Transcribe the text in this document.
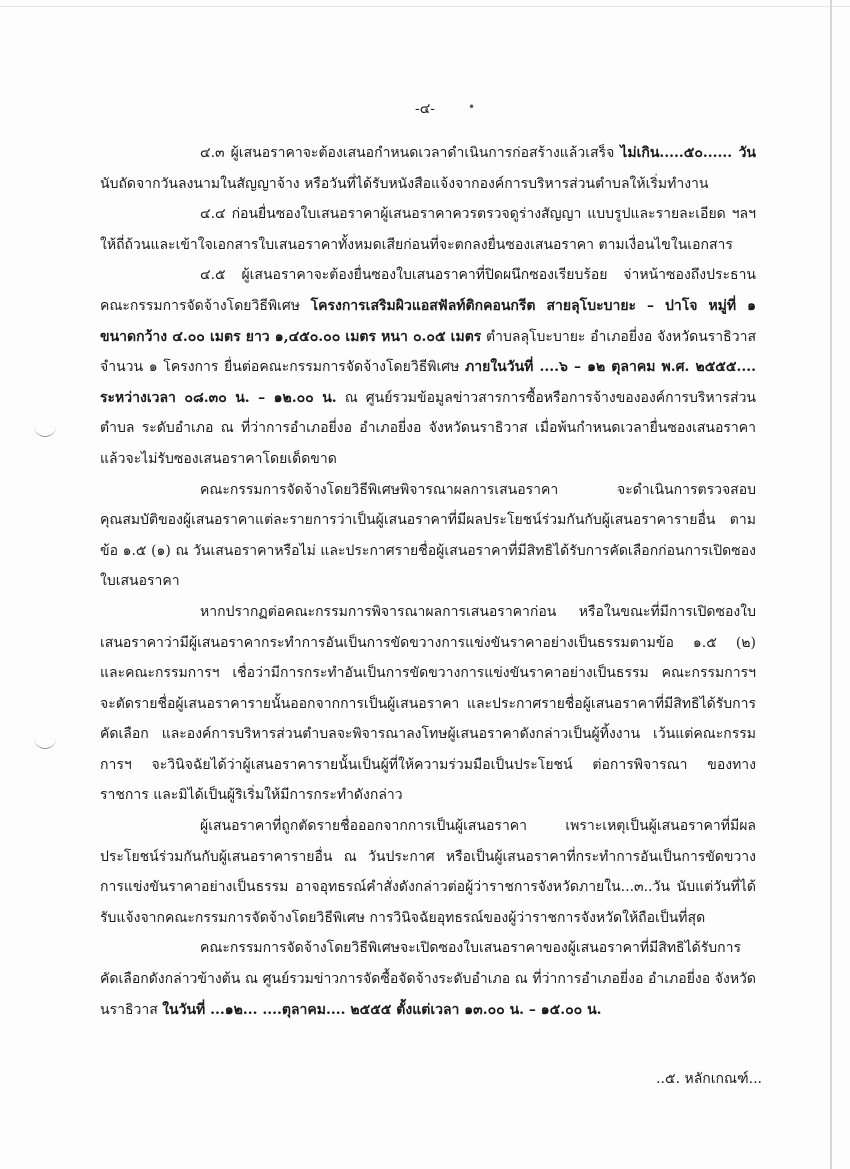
-๔-	•

๔.๓ ผู้เสนอราคาจะต้องเสนอกำหนดเวลาดำเนินการก่อสร้างแล้วเสร็จ ไม่เกิน.....๕๐...... วัน นับถัดจากวันลงนามในสัญญาจ้าง หรือวันที่ได้รับหนังสือแจ้งจากองค์การบริหารส่วนตำบลให้เริ่มทำงาน

๔.๔ ก่อนยื่นซองใบเสนอราคาผู้เสนอราคาควรตรวจดูร่างสัญญา แบบรูปและรายละเอียด ฯลฯ ให้ถี่ถ้วนและเข้าใจเอกสารใบเสนอราคาทั้งหมดเสียก่อนที่จะตกลงยื่นซองเสนอราคา ตามเงื่อนไขในเอกสาร

๔.๕ ผู้เสนอราคาจะต้องยื่นซองใบเสนอราคาที่ปิดผนึกซองเรียบร้อย จ่าหน้าซองถึงประธานคณะกรรมการจัดจ้างโดยวิธีพิเศษ โครงการเสริมผิวแอสฟัลท์ติกคอนกรีต สายลุโบะบายะ – ปาโจ หมู่ที่ ๑ ขนาดกว้าง ๔.๐๐ เมตร ยาว ๑,๔๕๐.๐๐ เมตร หนา ๐.๐๕ เมตร ตำบลลุโบะบายะ อำเภอยี่งอ จังหวัดนราธิวาส จำนวน ๑ โครงการ ยื่นต่อคณะกรรมการจัดจ้างโดยวิธีพิเศษ ภายในวันที่ ....๖ – ๑๒ ตุลาคม พ.ศ. ๒๕๕๕.... ระหว่างเวลา ๐๘.๓๐ น. – ๑๒.๐๐ น. ณ ศูนย์รวมข้อมูลข่าวสารการซื้อหรือการจ้างขององค์การบริหารส่วนตำบล ระดับอำเภอ ณ ที่ว่าการอำเภอยี่งอ อำเภอยี่งอ จังหวัดนราธิวาส เมื่อพ้นกำหนดเวลายื่นซองเสนอราคาแล้วจะไม่รับซองเสนอราคาโดยเด็ดขาด

คณะกรรมการจัดจ้างโดยวิธีพิเศษพิจารณาผลการเสนอราคา จะดำเนินการตรวจสอบคุณสมบัติของผู้เสนอราคาแต่ละรายการว่าเป็นผู้เสนอราคาที่มีผลประโยชน์ร่วมกันกับผู้เสนอราคารายอื่น ตามข้อ ๑.๕ (๑) ณ วันเสนอราคาหรือไม่ และประกาศรายชื่อผู้เสนอราคาที่มีสิทธิได้รับการคัดเลือกก่อนการเปิดซองใบเสนอราคา

หากปรากฏต่อคณะกรรมการพิจารณาผลการเสนอราคาก่อน หรือในขณะที่มีการเปิดซองใบเสนอราคาว่ามีผู้เสนอราคากระทำการอันเป็นการขัดขวางการแข่งขันราคาอย่างเป็นธรรมตามข้อ ๑.๕ (๒) และคณะกรรมการฯ เชื่อว่ามีการกระทำอันเป็นการขัดขวางการแข่งขันราคาอย่างเป็นธรรม คณะกรรมการฯ จะตัดรายชื่อผู้เสนอราคารายนั้นออกจากการเป็นผู้เสนอราคา และประกาศรายชื่อผู้เสนอราคาที่มีสิทธิได้รับการคัดเลือก และองค์การบริหารส่วนตำบลจะพิจารณาลงโทษผู้เสนอราคาดังกล่าวเป็นผู้ทิ้งงาน เว้นแต่คณะกรรมการฯ จะวินิจฉัยได้ว่าผู้เสนอราคารายนั้นเป็นผู้ที่ให้ความร่วมมือเป็นประโยชน์ ต่อการพิจารณา ของทางราชการ และมิได้เป็นผู้ริเริ่มให้มีการกระทำดังกล่าว

ผู้เสนอราคาที่ถูกตัดรายชื่อออกจากการเป็นผู้เสนอราคา เพราะเหตุเป็นผู้เสนอราคาที่มีผลประโยชน์ร่วมกันกับผู้เสนอราคารายอื่น ณ วันประกาศ หรือเป็นผู้เสนอราคาที่กระทำการอันเป็นการขัดขวางการแข่งขันราคาอย่างเป็นธรรม อาจอุทธรณ์คำสั่งดังกล่าวต่อผู้ว่าราชการจังหวัดภายใน...๓..วัน นับแต่วันที่ได้รับแจ้งจากคณะกรรมการจัดจ้างโดยวิธีพิเศษ การวินิจฉัยอุทธรณ์ของผู้ว่าราชการจังหวัดให้ถือเป็นที่สุด

คณะกรรมการจัดจ้างโดยวิธีพิเศษจะเปิดซองใบเสนอราคาของผู้เสนอราคาที่มีสิทธิได้รับการคัดเลือกดังกล่าวข้างต้น ณ ศูนย์รวมข่าวการจัดซื้อจัดจ้างระดับอำเภอ ณ ที่ว่าการอำเภอยี่งอ อำเภอยี่งอ จังหวัดนราธิวาส ในวันที่ ...๑๒... ....ตุลาคม.... ๒๕๕๕ ตั้งแต่เวลา ๑๓.๐๐ น. – ๑๕.๐๐ น.

..๕. หลักเกณฑ์...
